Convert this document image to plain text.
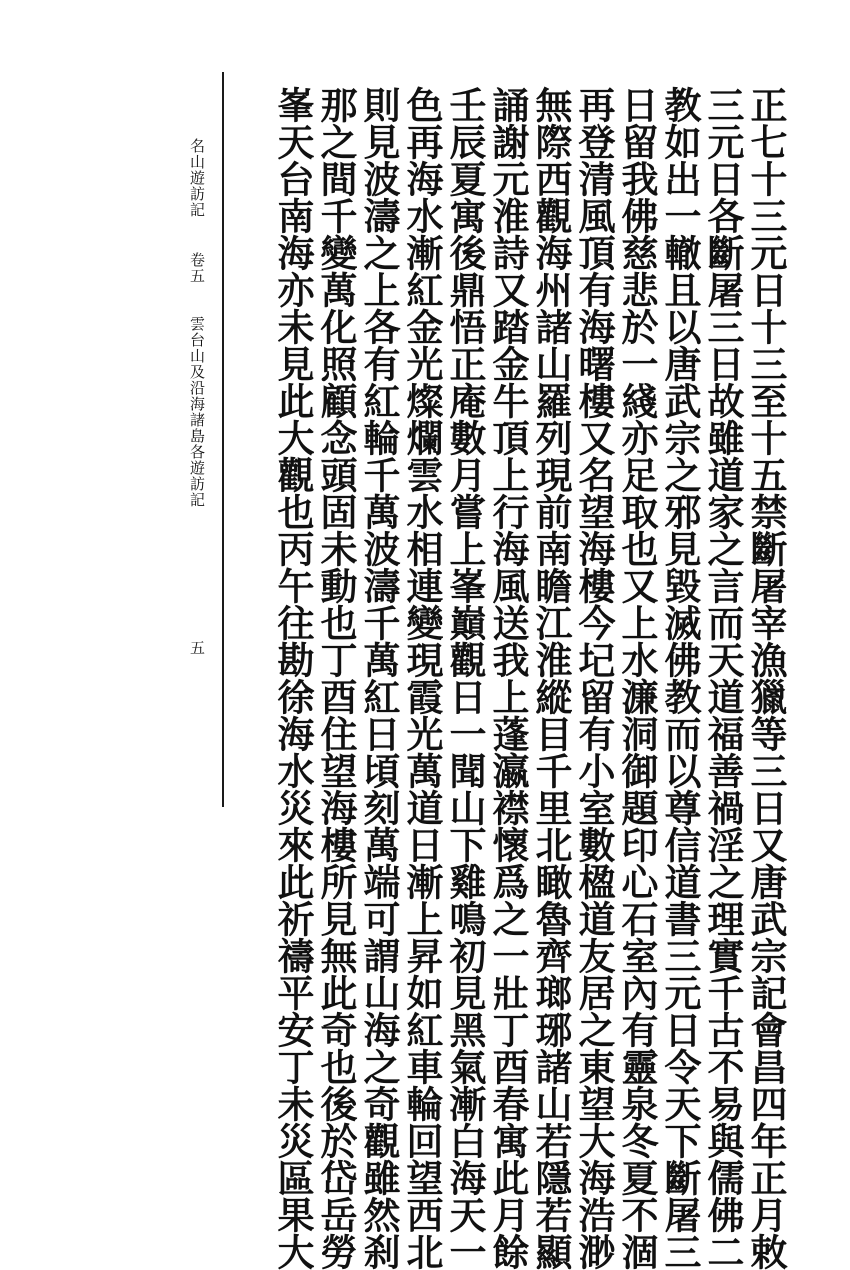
名山遊訪記
卷五
雲台山及沿海諸島各遊訪記
五	正七十三元日十三至十五禁斷屠宰漁獵等三日又唐武宗記會昌四年正月敕
三元日各斷屠三日故雖道家之言而天道福善禍淫之理實千古不易與儒佛二
教如出一轍且以唐武宗之邪見毀滅佛教而以尊信道書三元日令天下斷屠三
日留我佛慈悲於一綫亦足取也又上水濂洞御題印心石室內有靈泉冬夏不涸
再登清風頂有海曙樓又名望海樓今圮留有小室數楹道友居之東望大海浩渺
無際西觀海州諸山羅列現前南瞻江淮縱目千里北瞰魯齊瑯琊諸山若隱若顯
誦謝元淮詩又踏金牛頂上行海風送我上蓬瀛襟懷爲之一壯丁酉春寓此月餘
壬辰夏寓後鼎悟正庵數月嘗上峯巔觀日一聞山下雞鳴初見黑氣漸白海天一
色再海水漸紅金光燦爛雲水相連變現霞光萬道日漸上昇如紅車輪回望西北
則見波濤之上各有紅輪千萬波濤千萬紅日頃刻萬端可謂山海之奇觀雖然刹
那之間千變萬化照顧念頭固未動也丁酉住望海樓所見無此奇也後於岱岳勞
峯天台南海亦未見此大觀也丙午往勘徐海水災來此祈禱平安丁未災區果大
